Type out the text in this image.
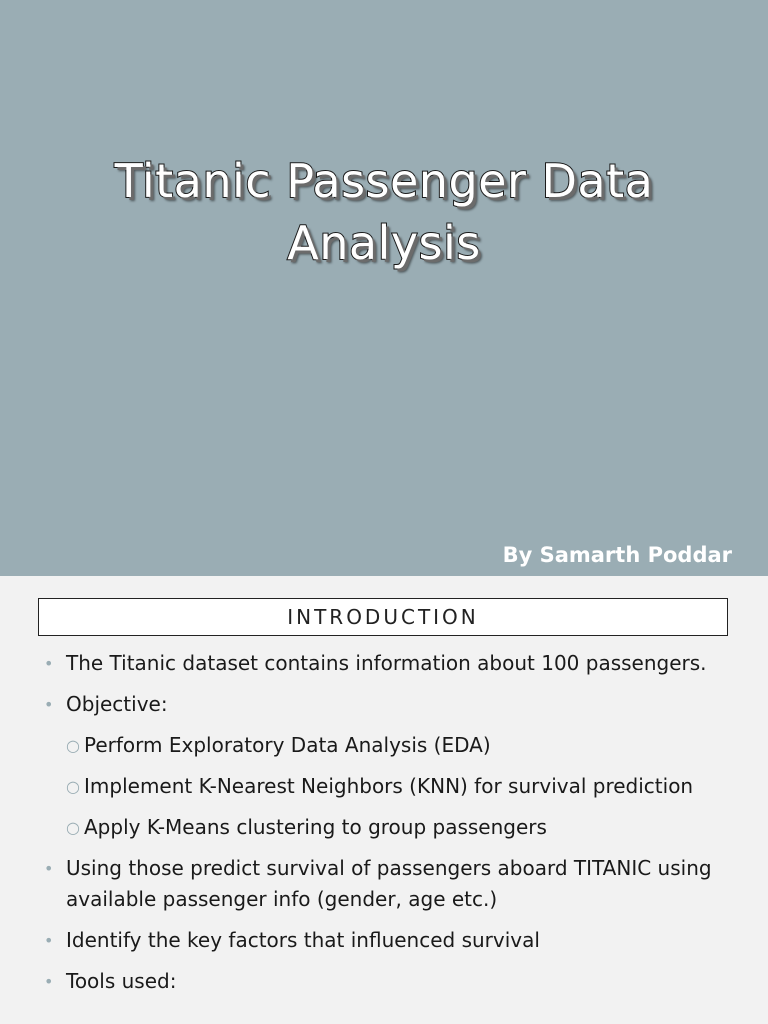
Titanic Passenger Data
Analysis
By Samarth Poddar
INTRODUCTION
• The Titanic dataset contains information about 100 passengers.
• Objective:
○ Perform Exploratory Data Analysis (EDA)
○ Implement K-Nearest Neighbors (KNN) for survival prediction
○ Apply K-Means clustering to group passengers
• Using those predict survival of passengers aboard TITANIC using available passenger info (gender, age etc.)
• Identify the key factors that influenced survival
• Tools used:
